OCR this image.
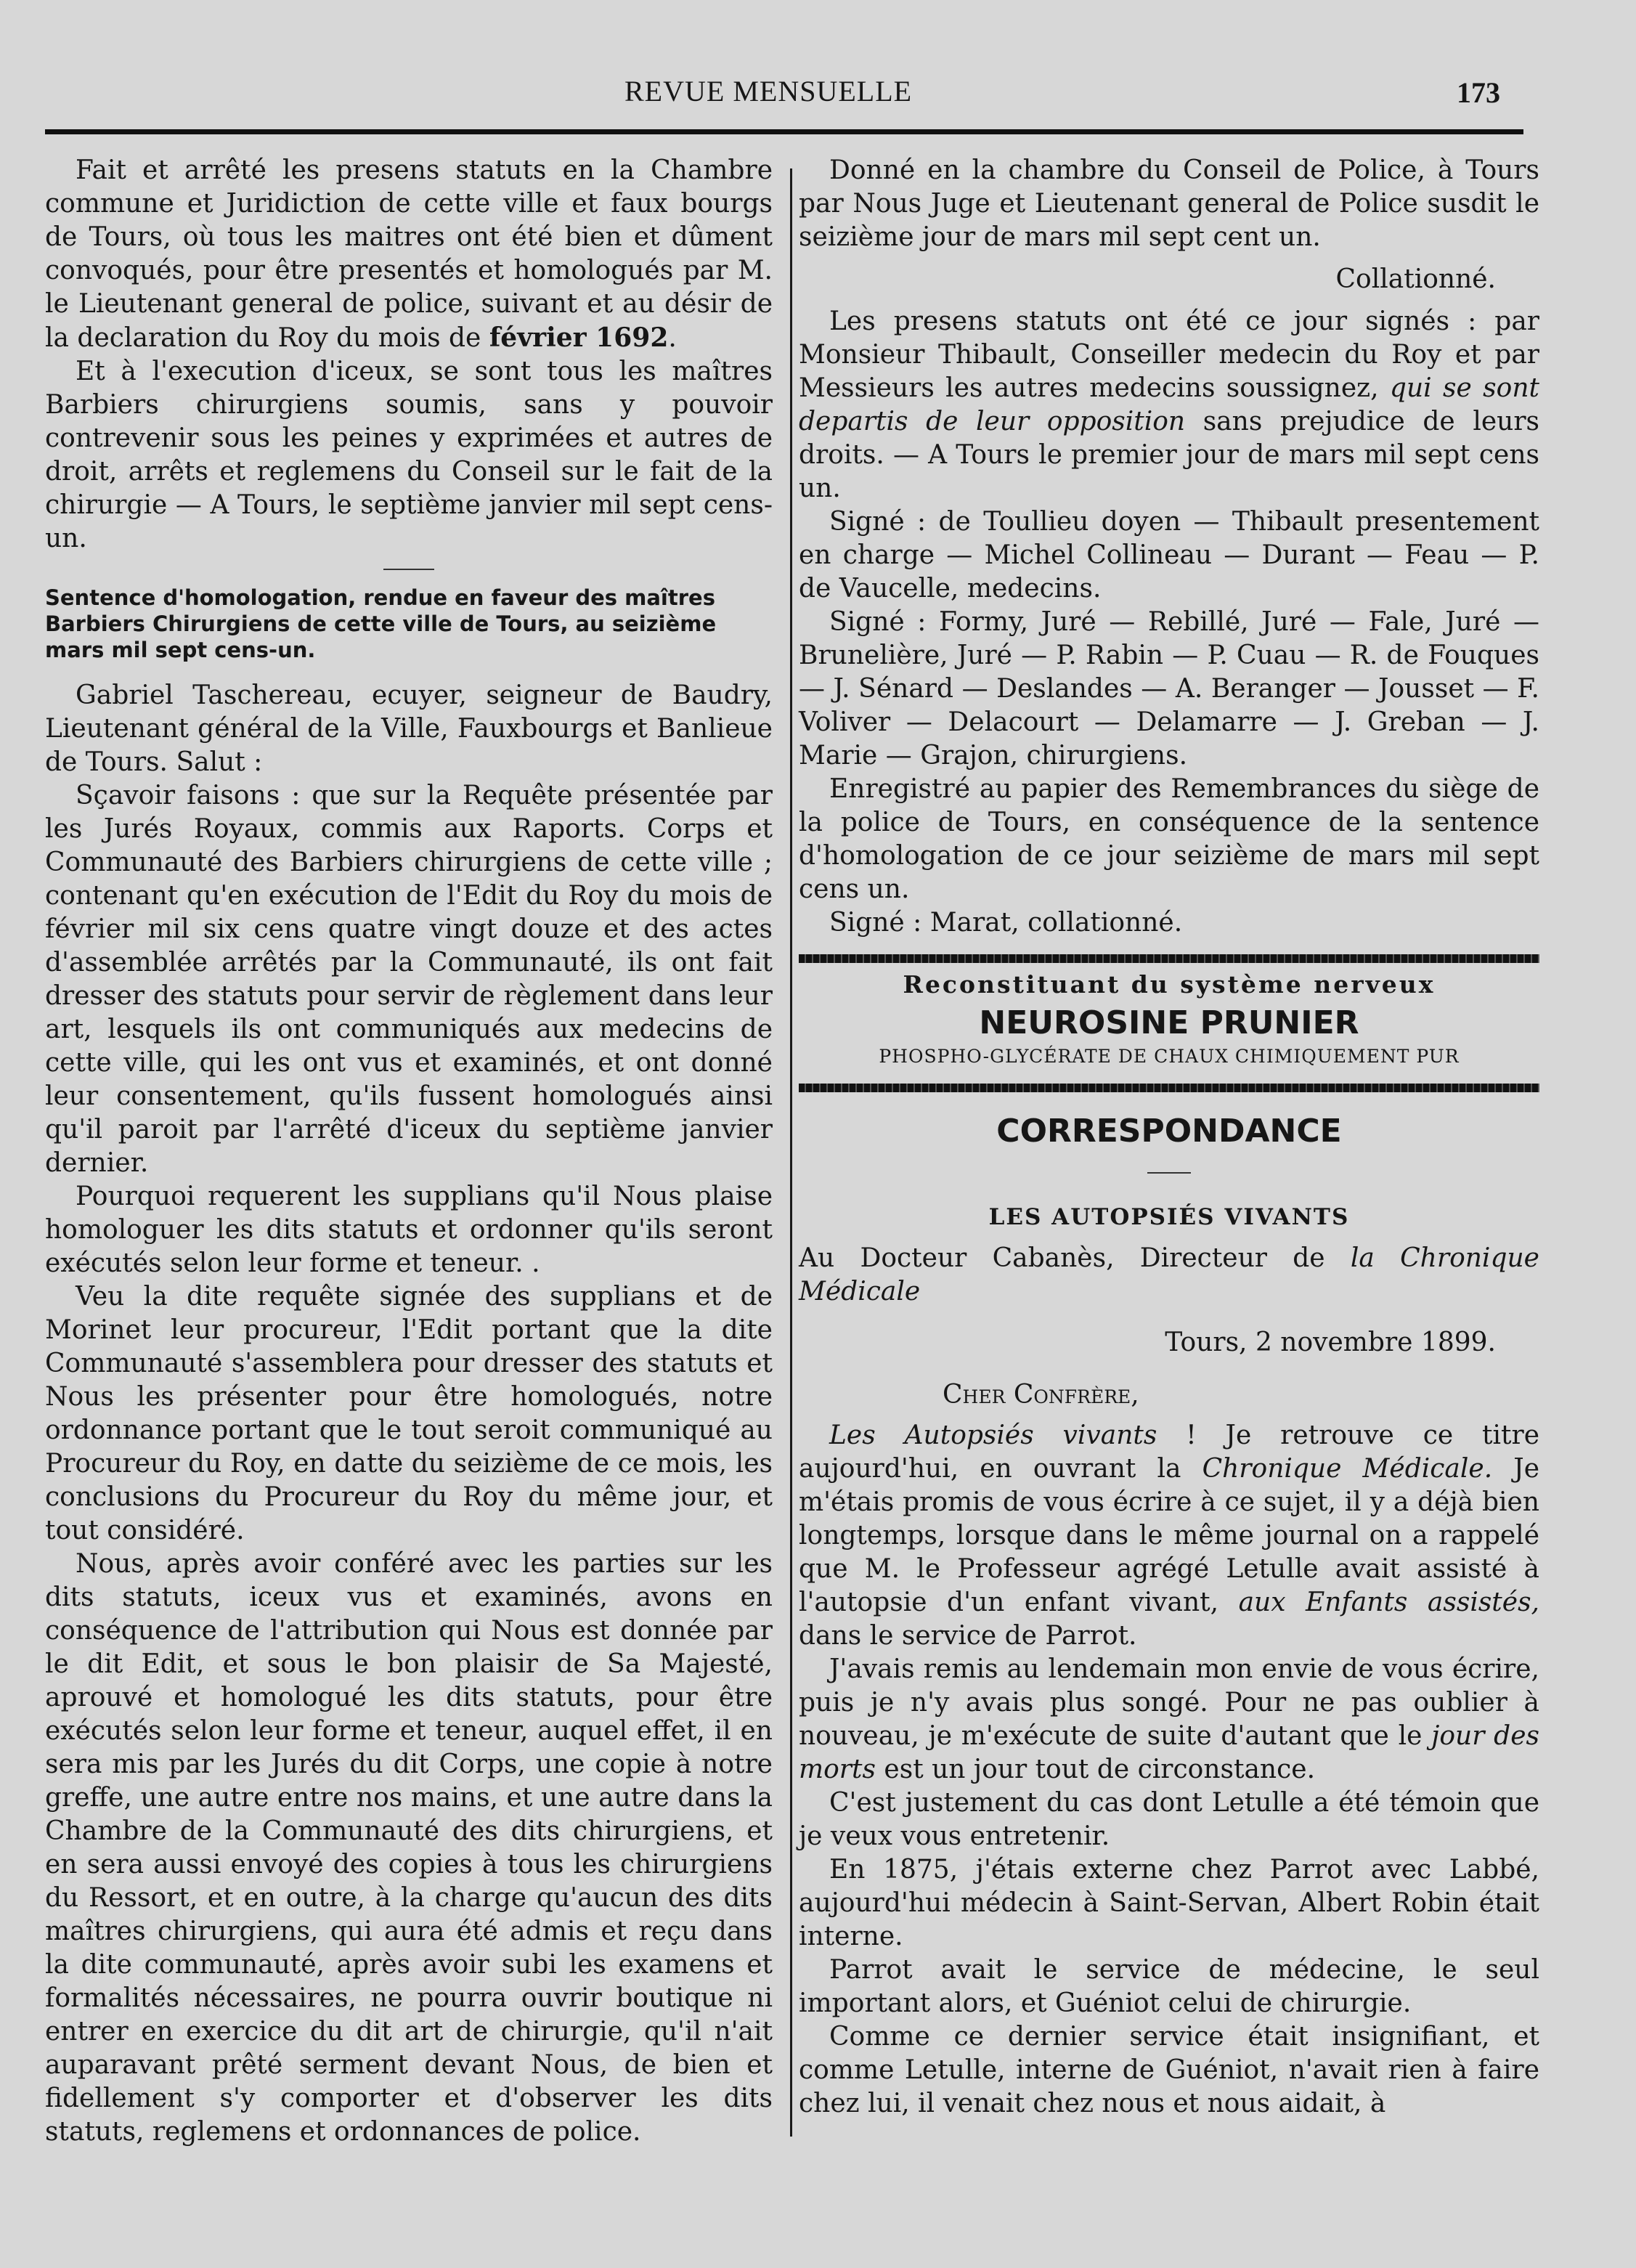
REVUE MENSUELLE	173

Fait et arrêté les presens statuts en la Chambre commune et Juridiction de cette ville et faux bourgs de Tours, où tous les maitres ont été bien et dûment convoqués, pour être presentés et homologués par M. le Lieutenant general de police, suivant et au désir de la declaration du Roy du mois de février 1692.

Et à l'execution d'iceux, se sont tous les maîtres Barbiers chirurgiens soumis, sans y pouvoir contrevenir sous les peines y exprimées et autres de droit, arrêts et reglemens du Conseil sur le fait de la chirurgie — A Tours, le septième janvier mil sept cens-un.

Sentence d'homologation, rendue en faveur des maîtres Barbiers Chirurgiens de cette ville de Tours, au seizième mars mil sept cens-un.

Gabriel Taschereau, ecuyer, seigneur de Baudry, Lieutenant général de la Ville, Fauxbourgs et Banlieue de Tours. Salut :

Sçavoir faisons : que sur la Requête présentée par les Jurés Royaux, commis aux Raports. Corps et Communauté des Barbiers chirurgiens de cette ville ; contenant qu'en exécution de l'Edit du Roy du mois de février mil six cens quatre vingt douze et des actes d'assemblée arrêtés par la Communauté, ils ont fait dresser des statuts pour servir de règlement dans leur art, lesquels ils ont communiqués aux medecins de cette ville, qui les ont vus et examinés, et ont donné leur consentement, qu'ils fussent homologués ainsi qu'il paroit par l'arrêté d'iceux du septième janvier dernier.

Pourquoi requerent les supplians qu'il Nous plaise homologuer les dits statuts et ordonner qu'ils seront exécutés selon leur forme et teneur. .

Veu la dite requête signée des supplians et de Morinet leur procureur, l'Edit portant que la dite Communauté s'assemblera pour dresser des statuts et Nous les présenter pour être homologués, notre ordonnance portant que le tout seroit communiqué au Procureur du Roy, en datte du seizième de ce mois, les conclusions du Procureur du Roy du même jour, et tout considéré.

Nous, après avoir conféré avec les parties sur les dits statuts, iceux vus et examinés, avons en conséquence de l'attribution qui Nous est donnée par le dit Edit, et sous le bon plaisir de Sa Majesté, aprouvé et homologué les dits statuts, pour être exécutés selon leur forme et teneur, auquel effet, il en sera mis par les Jurés du dit Corps, une copie à notre greffe, une autre entre nos mains, et une autre dans la Chambre de la Communauté des dits chirurgiens, et en sera aussi envoyé des copies à tous les chirurgiens du Ressort, et en outre, à la charge qu'aucun des dits maîtres chirurgiens, qui aura été admis et reçu dans la dite communauté, après avoir subi les examens et formalités nécessaires, ne pourra ouvrir boutique ni entrer en exercice du dit art de chirurgie, qu'il n'ait auparavant prêté serment devant Nous, de bien et fidellement s'y comporter et d'observer les dits statuts, reglemens et ordonnances de police.

Donné en la chambre du Conseil de Police, à Tours par Nous Juge et Lieutenant general de Police susdit le seizième jour de mars mil sept cent un.

Collationné.

Les presens statuts ont été ce jour signés : par Monsieur Thibault, Conseiller medecin du Roy et par Messieurs les autres medecins soussignez, qui se sont departis de leur opposition sans prejudice de leurs droits. — A Tours le premier jour de mars mil sept cens un.

Signé : de Toullieu doyen — Thibault presentement en charge — Michel Collineau — Durant — Feau — P. de Vaucelle, medecins.

Signé : Formy, Juré — Rebillé, Juré — Fale, Juré — Brunelière, Juré — P. Rabin — P. Cuau — R. de Fouques — J. Sénard — Deslandes — A. Beranger — Jousset — F. Voliver — Delacourt — Delamarre — J. Greban — J. Marie — Grajon, chirurgiens.

Enregistré au papier des Remembrances du siège de la police de Tours, en conséquence de la sentence d'homologation de ce jour seizième de mars mil sept cens un.

Signé : Marat, collationné.

Reconstituant du système nerveux

NEUROSINE PRUNIER

PHOSPHO-GLYCÉRATE DE CHAUX CHIMIQUEMENT PUR

CORRESPONDANCE

LES AUTOPSIÉS VIVANTS

Au Docteur Cabanès, Directeur de la Chronique Médicale

Tours, 2 novembre 1899.

Cher Confrère,

Les Autopsiés vivants ! Je retrouve ce titre aujourd'hui, en ouvrant la Chronique Médicale. Je m'étais promis de vous écrire à ce sujet, il y a déjà bien longtemps, lorsque dans le même journal on a rappelé que M. le Professeur agrégé Letulle avait assisté à l'autopsie d'un enfant vivant, aux Enfants assistés, dans le service de Parrot.

J'avais remis au lendemain mon envie de vous écrire, puis je n'y avais plus songé. Pour ne pas oublier à nouveau, je m'exécute de suite d'autant que le jour des morts est un jour tout de circonstance.

C'est justement du cas dont Letulle a été témoin que je veux vous entretenir.

En 1875, j'étais externe chez Parrot avec Labbé, aujourd'hui médecin à Saint-Servan, Albert Robin était interne.

Parrot avait le service de médecine, le seul important alors, et Guéniot celui de chirurgie.

Comme ce dernier service était insignifiant, et comme Letulle, interne de Guéniot, n'avait rien à faire chez lui, il venait chez nous et nous aidait, à
